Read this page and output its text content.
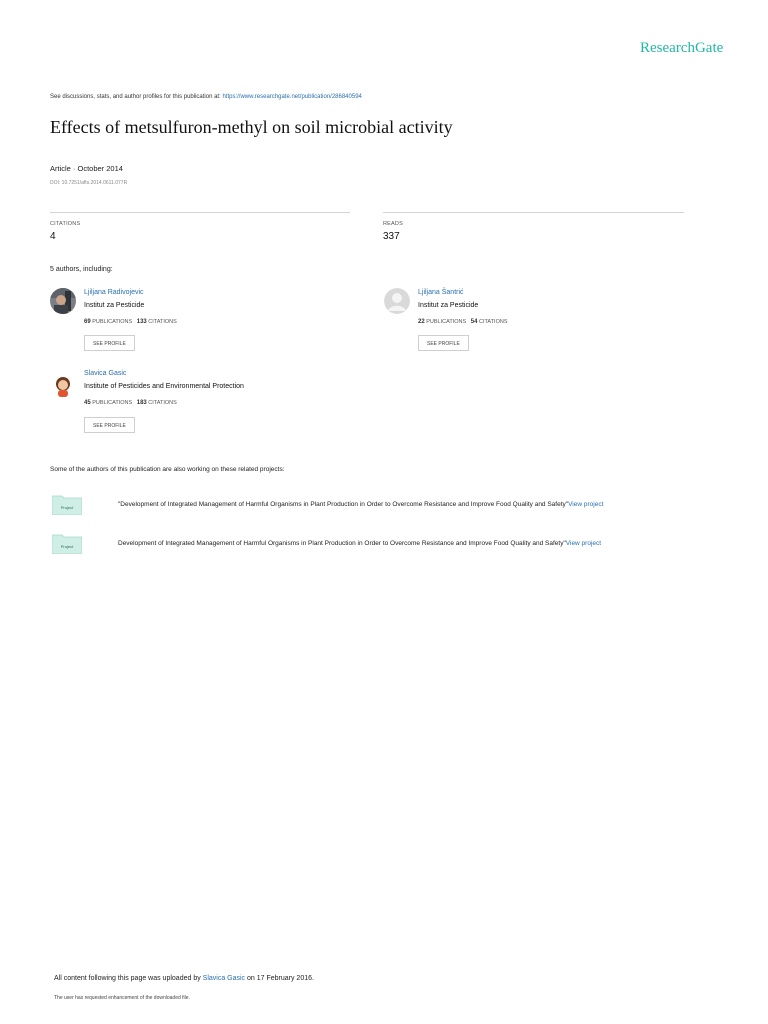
ResearchGate
See discussions, stats, and author profiles for this publication at: https://www.researchgate.net/publication/286840594
Effects of metsulfuron-methyl on soil microbial activity
Article · October 2014
DOI: 10.7251/afts.2014.0611.077R
CITATIONS
4
READS
337
5 authors, including:
Ljiljana Radivojevic
Institut za Pesticide
69 PUBLICATIONS 133 CITATIONS
SEE PROFILE
Ljiljana Šantrić
Institut za Pesticide
22 PUBLICATIONS 54 CITATIONS
SEE PROFILE
Slavica Gasic
Institute of Pesticides and Environmental Protection
45 PUBLICATIONS 183 CITATIONS
SEE PROFILE
Some of the authors of this publication are also working on these related projects:
Project	"Development of Integrated Management of Harmful Organisms in Plant Production in Order to Overcome Resistance and Improve Food Quality and Safety"View project
Project	Development of Integrated Management of Harmful Organisms in Plant Production in Order to Overcome Resistance and Improve Food Quality and Safety"View project
All content following this page was uploaded by Slavica Gasic on 17 February 2016.
The user has requested enhancement of the downloaded file.
